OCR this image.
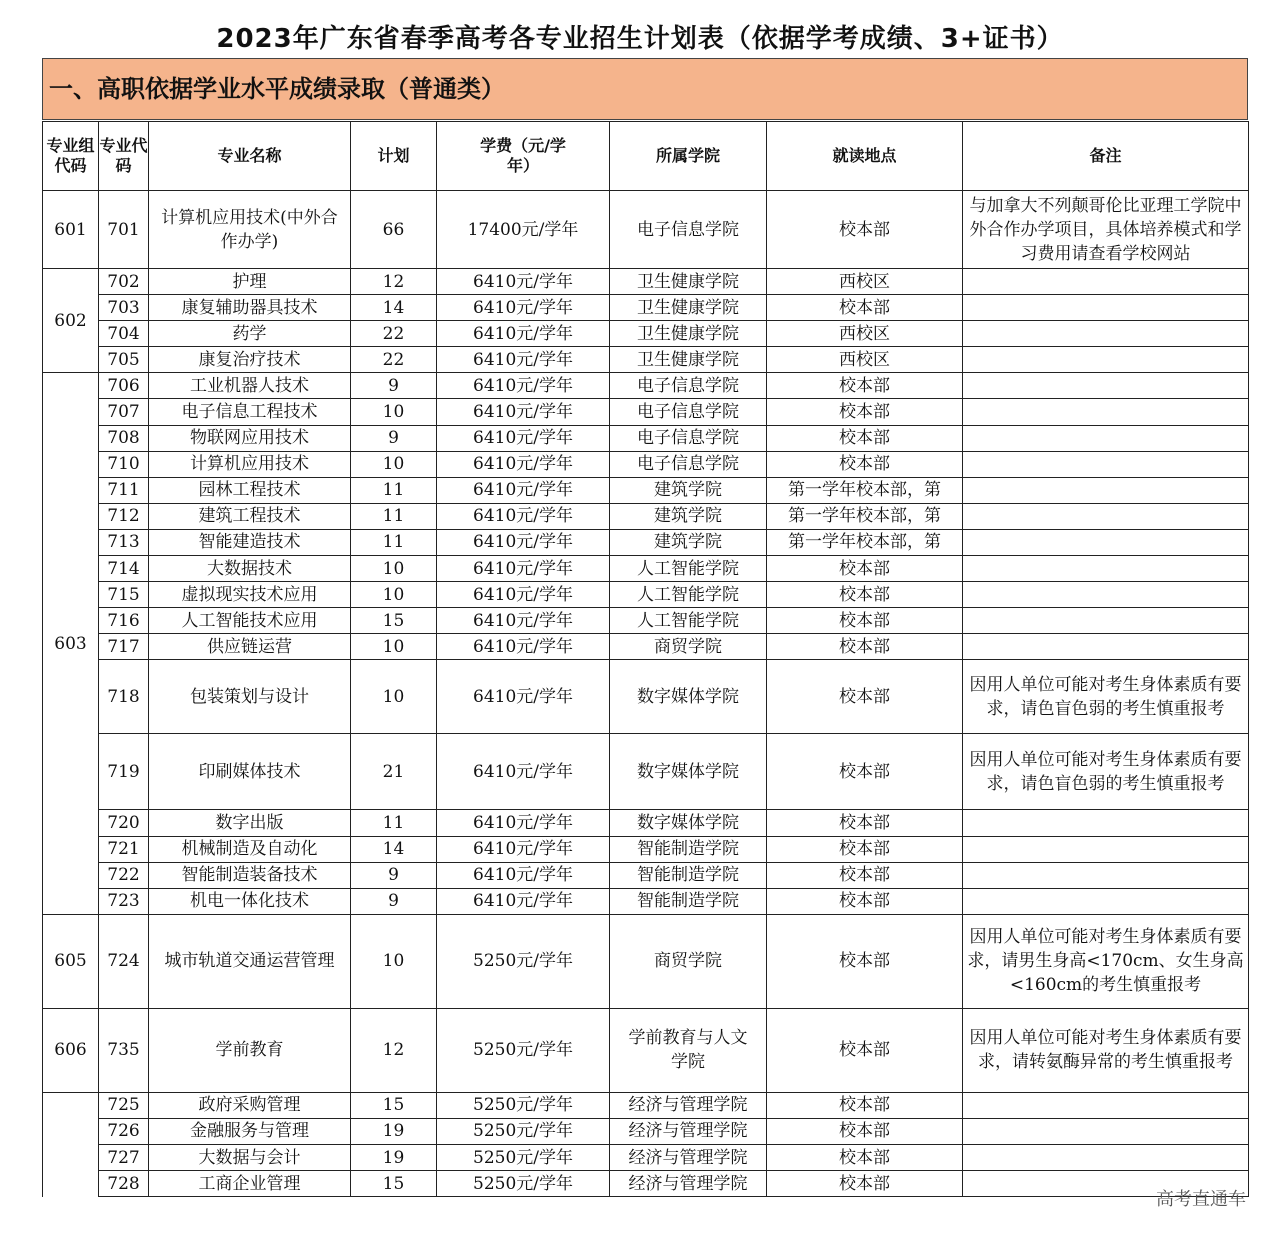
2023年广东省春季高考各专业招生计划表（依据学考成绩、3+证书）
一、高职依据学业水平成绩录取（普通类）
专业组代码	专业代码	专业名称	计划	学费（元/学年）	所属学院	就读地点	备注
601	701	计算机应用技术(中外合作办学)	66	17400元/学年	电子信息学院	校本部	与加拿大不列颠哥伦比亚理工学院中外合作办学项目，具体培养模式和学习费用请查看学校网站
602	702	护理	12	6410元/学年	卫生健康学院	西校区	
	703	康复辅助器具技术	14	6410元/学年	卫生健康学院	校本部	
	704	药学	22	6410元/学年	卫生健康学院	西校区	
	705	康复治疗技术	22	6410元/学年	卫生健康学院	西校区	
603	706	工业机器人技术	9	6410元/学年	电子信息学院	校本部	
	707	电子信息工程技术	10	6410元/学年	电子信息学院	校本部	
	708	物联网应用技术	9	6410元/学年	电子信息学院	校本部	
	710	计算机应用技术	10	6410元/学年	电子信息学院	校本部	
	711	园林工程技术	11	6410元/学年	建筑学院	第一学年校本部，第	
	712	建筑工程技术	11	6410元/学年	建筑学院	第一学年校本部，第	
	713	智能建造技术	11	6410元/学年	建筑学院	第一学年校本部，第	
	714	大数据技术	10	6410元/学年	人工智能学院	校本部	
	715	虚拟现实技术应用	10	6410元/学年	人工智能学院	校本部	
	716	人工智能技术应用	15	6410元/学年	人工智能学院	校本部	
	717	供应链运营	10	6410元/学年	商贸学院	校本部	
	718	包装策划与设计	10	6410元/学年	数字媒体学院	校本部	因用人单位可能对考生身体素质有要求，请色盲色弱的考生慎重报考
	719	印刷媒体技术	21	6410元/学年	数字媒体学院	校本部	因用人单位可能对考生身体素质有要求，请色盲色弱的考生慎重报考
	720	数字出版	11	6410元/学年	数字媒体学院	校本部	
	721	机械制造及自动化	14	6410元/学年	智能制造学院	校本部	
	722	智能制造装备技术	9	6410元/学年	智能制造学院	校本部	
	723	机电一体化技术	9	6410元/学年	智能制造学院	校本部	
605	724	城市轨道交通运营管理	10	5250元/学年	商贸学院	校本部	因用人单位可能对考生身体素质有要求，请男生身高<170cm、女生身高<160cm的考生慎重报考
606	735	学前教育	12	5250元/学年	学前教育与人文学院	校本部	因用人单位可能对考生身体素质有要求，请转氨酶异常的考生慎重报考
	725	政府采购管理	15	5250元/学年	经济与管理学院	校本部	
	726	金融服务与管理	19	5250元/学年	经济与管理学院	校本部	
	727	大数据与会计	19	5250元/学年	经济与管理学院	校本部	
	728	工商企业管理	15	5250元/学年	经济与管理学院	校本部	
高考直通车
